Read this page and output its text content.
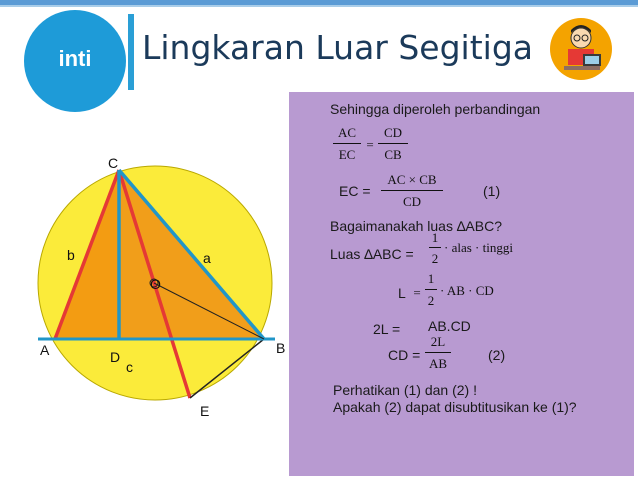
inti	Lingkaran Luar Segitiga
A	B
C
D
E
O
a
b
c
Sehingga diperoleh perbandingan
AC
EC
=
CD
CB
EC =
AC × CB
CD
(1)
Bagaimanakah luas ∆ABC?
Luas ∆ABC =
1
2
· alas · tinggi
L =
1
2
· AB · CD
2L = AB.CD
CD =
2L
AB
(2)
Perhatikan (1) dan (2) !
Apakah (2) dapat disubtitusikan ke (1)?
